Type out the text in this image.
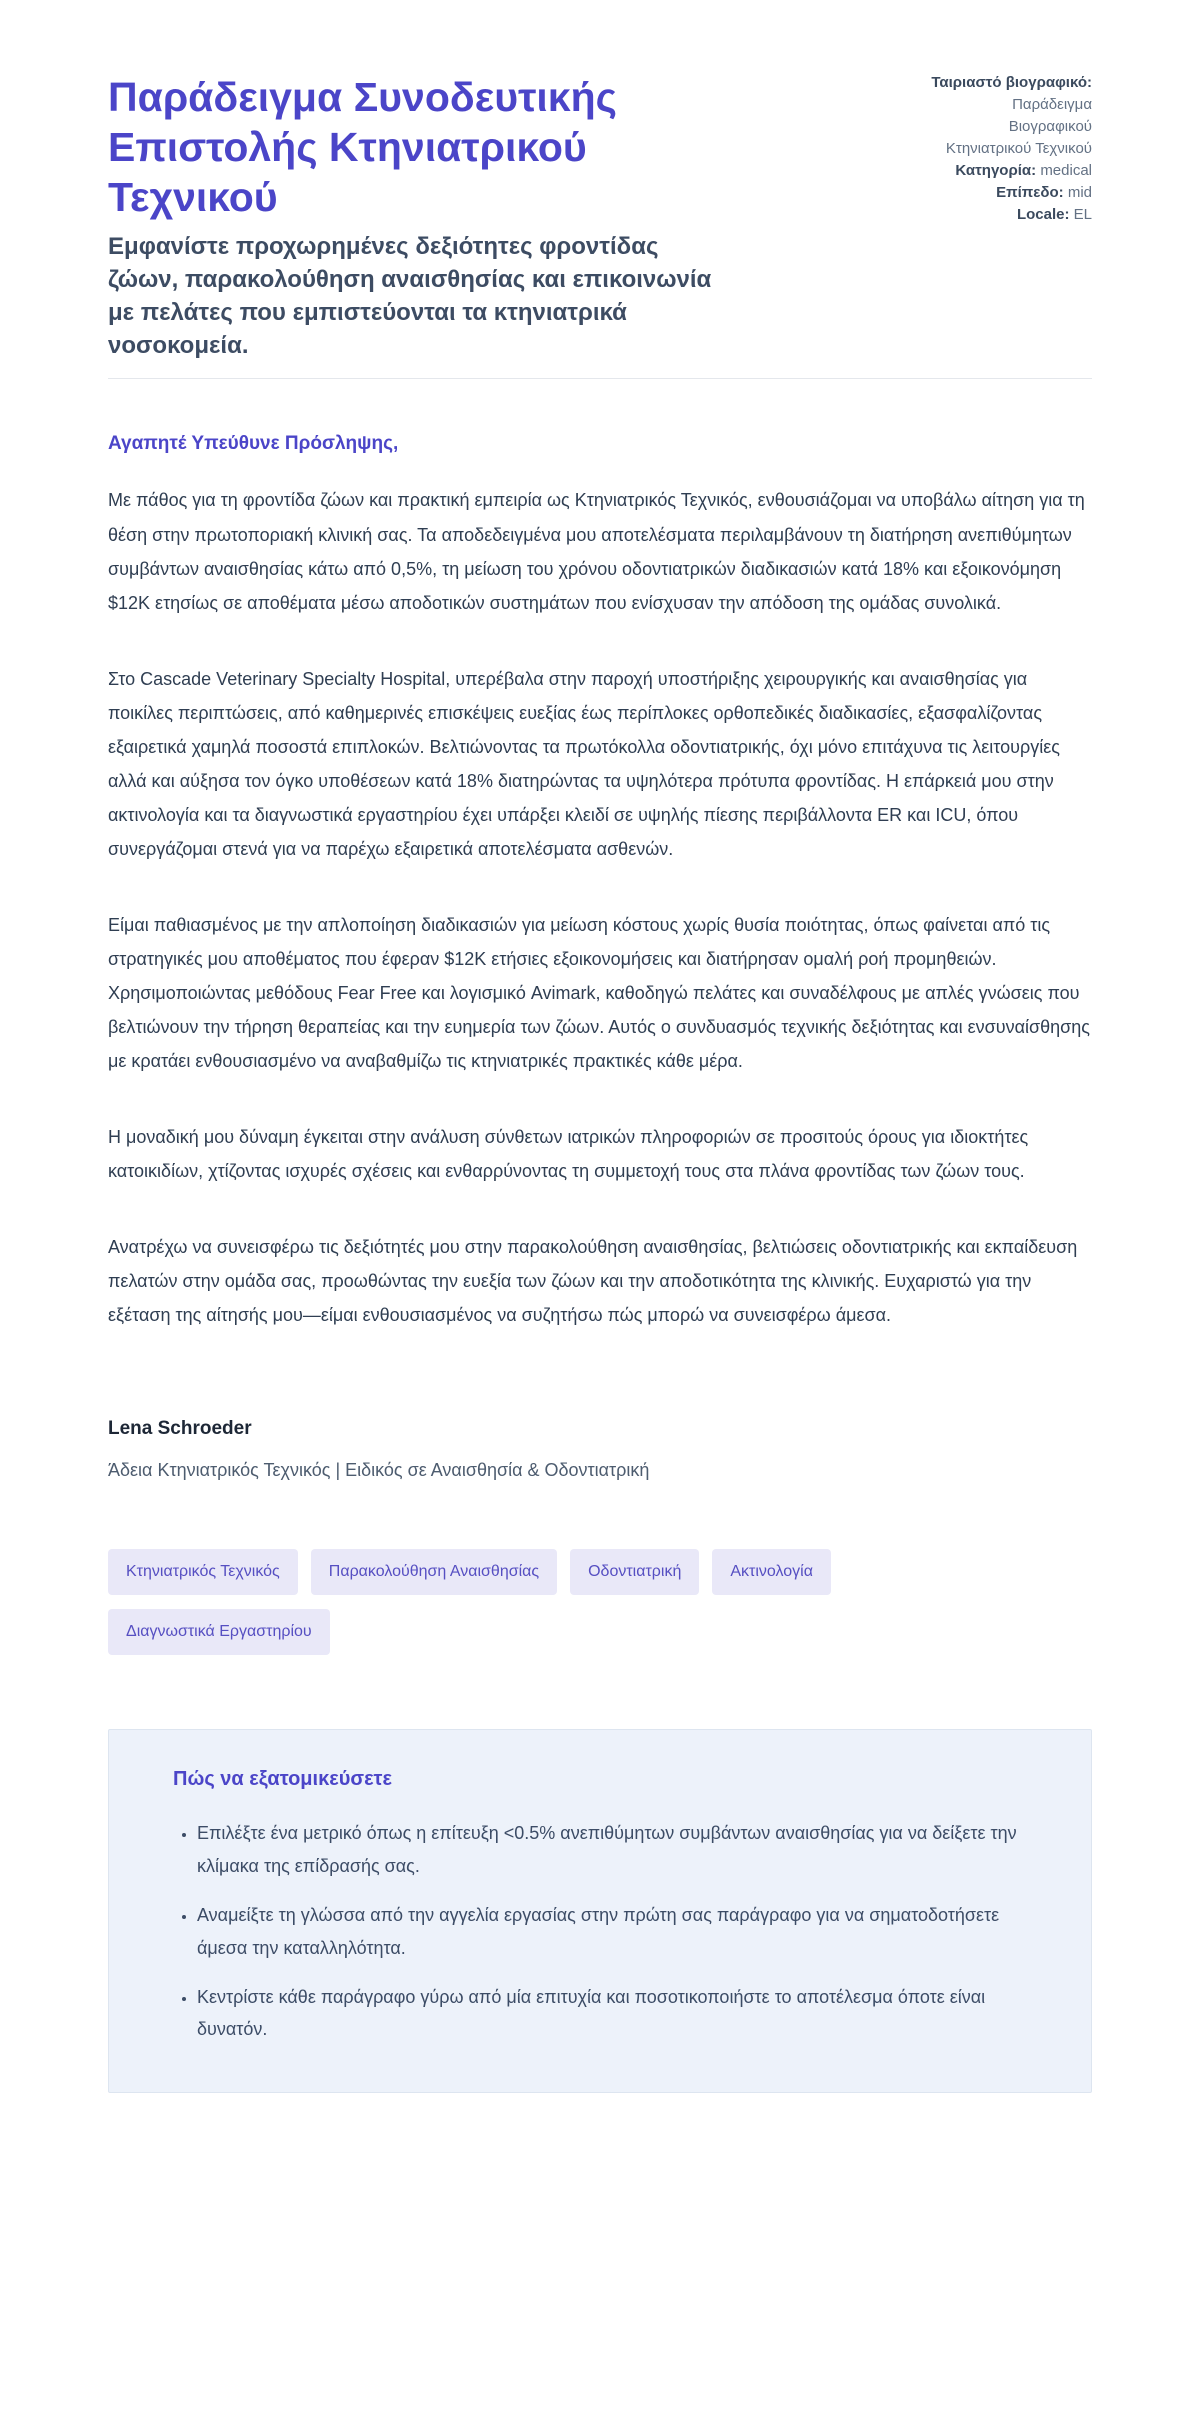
Παράδειγμα Συνοδευτικής Επιστολής Κτηνιατρικού Τεχνικού
Εμφανίστε προχωρημένες δεξιότητες φροντίδας ζώων, παρακολούθηση αναισθησίας και επικοινωνία με πελάτες που εμπιστεύονται τα κτηνιατρικά νοσοκομεία.
Ταιριαστό βιογραφικό: Παράδειγμα Βιογραφικού Κτηνιατρικού Τεχνικού
Κατηγορία: medical
Επίπεδο: mid
Locale: EL

Αγαπητέ Υπεύθυνε Πρόσληψης,

Με πάθος για τη φροντίδα ζώων και πρακτική εμπειρία ως Κτηνιατρικός Τεχνικός, ενθουσιάζομαι να υποβάλω αίτηση για τη θέση στην πρωτοποριακή κλινική σας. Τα αποδεδειγμένα μου αποτελέσματα περιλαμβάνουν τη διατήρηση ανεπιθύμητων συμβάντων αναισθησίας κάτω από 0,5%, τη μείωση του χρόνου οδοντιατρικών διαδικασιών κατά 18% και εξοικονόμηση $12K ετησίως σε αποθέματα μέσω αποδοτικών συστημάτων που ενίσχυσαν την απόδοση της ομάδας συνολικά.

Στο Cascade Veterinary Specialty Hospital, υπερέβαλα στην παροχή υποστήριξης χειρουργικής και αναισθησίας για ποικίλες περιπτώσεις, από καθημερινές επισκέψεις ευεξίας έως περίπλοκες ορθοπεδικές διαδικασίες, εξασφαλίζοντας εξαιρετικά χαμηλά ποσοστά επιπλοκών. Βελτιώνοντας τα πρωτόκολλα οδοντιατρικής, όχι μόνο επιτάχυνα τις λειτουργίες αλλά και αύξησα τον όγκο υποθέσεων κατά 18% διατηρώντας τα υψηλότερα πρότυπα φροντίδας. Η επάρκειά μου στην ακτινολογία και τα διαγνωστικά εργαστηρίου έχει υπάρξει κλειδί σε υψηλής πίεσης περιβάλλοντα ER και ICU, όπου συνεργάζομαι στενά για να παρέχω εξαιρετικά αποτελέσματα ασθενών.

Είμαι παθιασμένος με την απλοποίηση διαδικασιών για μείωση κόστους χωρίς θυσία ποιότητας, όπως φαίνεται από τις στρατηγικές μου αποθέματος που έφεραν $12K ετήσιες εξοικονομήσεις και διατήρησαν ομαλή ροή προμηθειών. Χρησιμοποιώντας μεθόδους Fear Free και λογισμικό Avimark, καθοδηγώ πελάτες και συναδέλφους με απλές γνώσεις που βελτιώνουν την τήρηση θεραπείας και την ευημερία των ζώων. Αυτός ο συνδυασμός τεχνικής δεξιότητας και ενσυναίσθησης με κρατάει ενθουσιασμένο να αναβαθμίζω τις κτηνιατρικές πρακτικές κάθε μέρα.

Η μοναδική μου δύναμη έγκειται στην ανάλυση σύνθετων ιατρικών πληροφοριών σε προσιτούς όρους για ιδιοκτήτες κατοικιδίων, χτίζοντας ισχυρές σχέσεις και ενθαρρύνοντας τη συμμετοχή τους στα πλάνα φροντίδας των ζώων τους.

Ανατρέχω να συνεισφέρω τις δεξιότητές μου στην παρακολούθηση αναισθησίας, βελτιώσεις οδοντιατρικής και εκπαίδευση πελατών στην ομάδα σας, προωθώντας την ευεξία των ζώων και την αποδοτικότητα της κλινικής. Ευχαριστώ για την εξέταση της αίτησής μου—είμαι ενθουσιασμένος να συζητήσω πώς μπορώ να συνεισφέρω άμεσα.

Lena Schroeder
Άδεια Κτηνιατρικός Τεχνικός | Ειδικός σε Αναισθησία & Οδοντιατρική
Κτηνιατρικός Τεχνικός	Παρακολούθηση Αναισθησίας	Οδοντιατρική	Ακτινολογία
Διαγνωστικά Εργαστηρίου
Πώς να εξατομικεύσετε
• Επιλέξτε ένα μετρικό όπως η επίτευξη <0.5% ανεπιθύμητων συμβάντων αναισθησίας για να δείξετε την κλίμακα της επίδρασής σας.
• Αναμείξτε τη γλώσσα από την αγγελία εργασίας στην πρώτη σας παράγραφο για να σηματοδοτήσετε άμεσα την καταλληλότητα.
• Κεντρίστε κάθε παράγραφο γύρω από μία επιτυχία και ποσοτικοποιήστε το αποτέλεσμα όποτε είναι δυνατόν.
